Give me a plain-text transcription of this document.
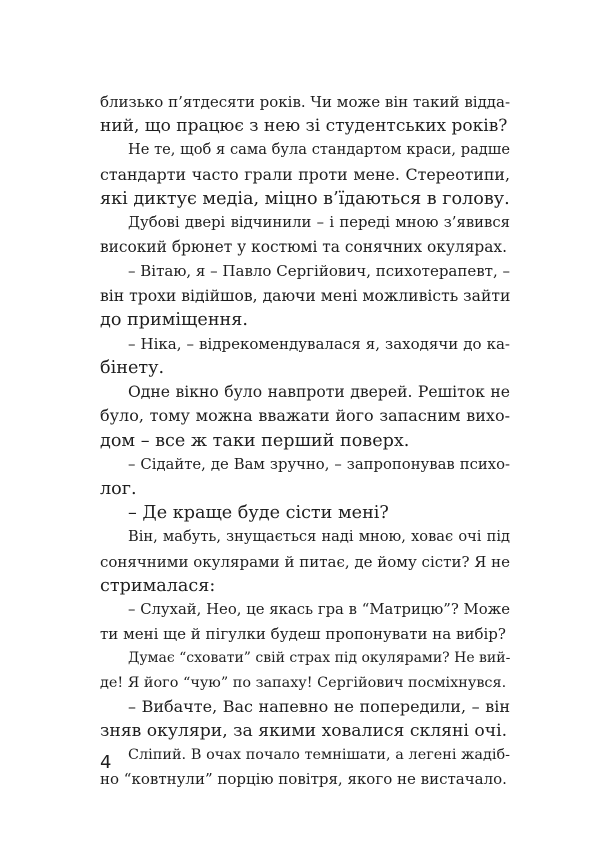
близько п’ятдесяти років. Чи може він такий відда-
ний, що працює з нею зі студентських років?
Не те, щоб я сама була стандартом краси, радше
стандарти часто грали проти мене. Стереотипи,
які диктує медіа, міцно в’їдаються в голову.
Дубові двері відчинили – і переді мною з’явився
високий брюнет у костюмі та сонячних окулярах.
– Вітаю, я – Павло Сергійович, психотерапевт, –
він трохи відійшов, даючи мені можливість зайти
до приміщення.
– Ніка, – відрекомендувалася я, заходячи до ка-
бінету.
Одне вікно було навпроти дверей. Решіток не
було, тому можна вважати його запасним вихо-
дом – все ж таки перший поверх.
– Сідайте, де Вам зручно, – запропонував психо-
лог.
– Де краще буде сісти мені?
Він, мабуть, знущається наді мною, ховає очі під
сонячними окулярами й питає, де йому сісти? Я не
стрималася:
– Слухай, Нео, це якась гра в “Матрицю”? Може
ти мені ще й пігулки будеш пропонувати на вибір?
Думає “сховати” свій страх під окулярами? Не вий-
де! Я його “чую” по запаху! Сергійович посміхнувся.
– Вибачте, Вас напевно не попередили, – він
зняв окуляри, за якими ховалися скляні очі.
Сліпий. В очах почало темнішати, а легені жадіб-
но “ковтнули” порцію повітря, якого не вистачало.
4
